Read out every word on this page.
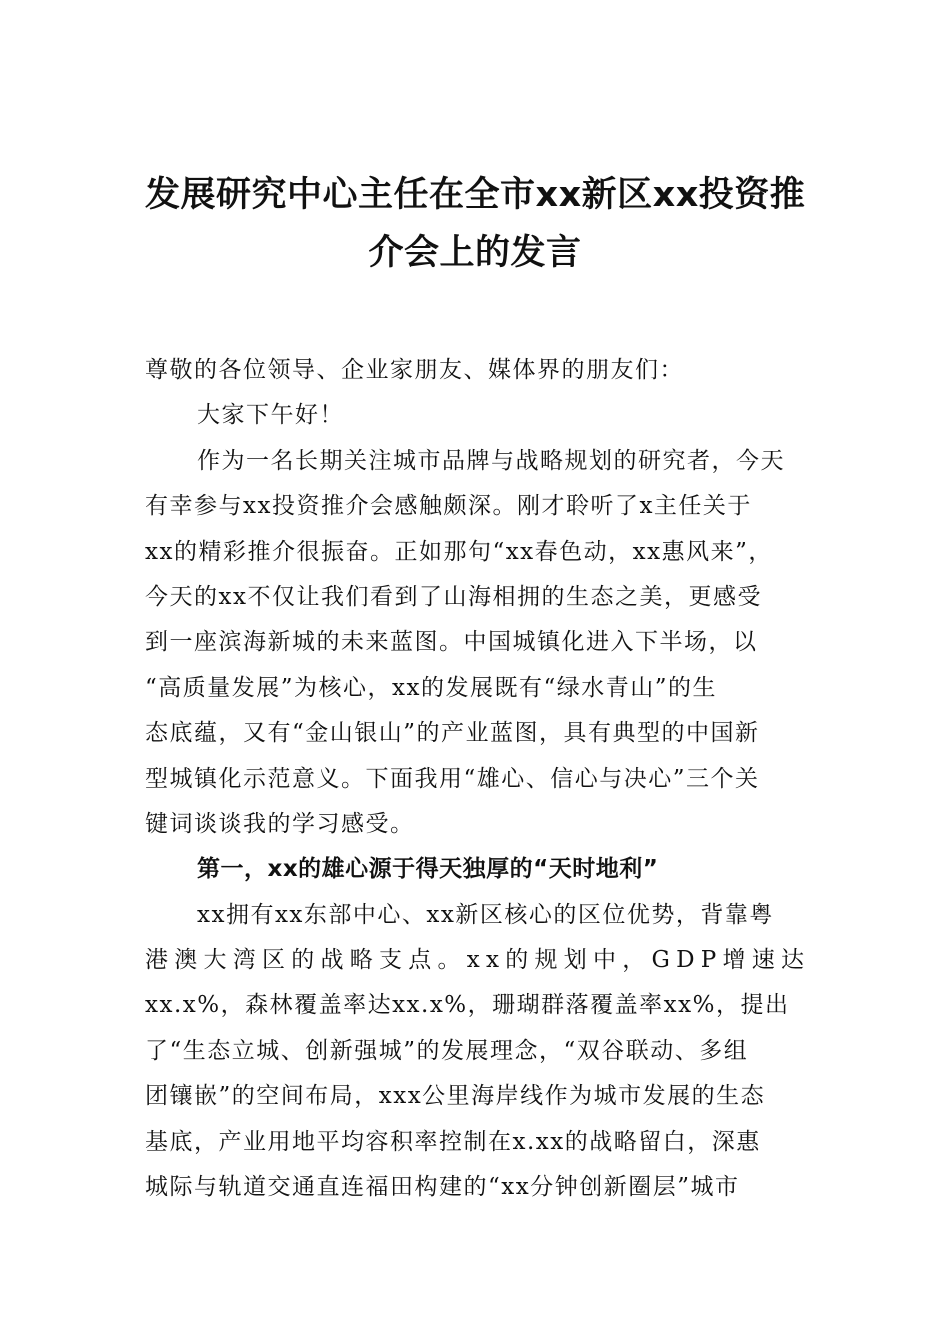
发展研究中心主任在全市xx新区xx投资推
介会上的发言
尊敬的各位领导、企业家朋友、媒体界的朋友们：
大家下午好！
作为一名长期关注城市品牌与战略规划的研究者，今天
有幸参与xx投资推介会感触颇深。刚才聆听了x主任关于
xx的精彩推介很振奋。正如那句“xx春色动，xx惠风来”，
今天的xx不仅让我们看到了山海相拥的生态之美，更感受
到一座滨海新城的未来蓝图。中国城镇化进入下半场，以
“高质量发展”为核心，xx的发展既有“绿水青山”的生
态底蕴，又有“金山银山”的产业蓝图，具有典型的中国新
型城镇化示范意义。下面我用“雄心、信心与决心”三个关
键词谈谈我的学习感受。
第一，xx的雄心源于得天独厚的“天时地利”
xx拥有xx东部中心、xx新区核心的区位优势，背靠粤
港澳大湾区的战略支点。xx的规划中，GDP增速达
xx.x%，森林覆盖率达xx.x%，珊瑚群落覆盖率xx%，提出
了“生态立城、创新强城”的发展理念，“双谷联动、多组
团镶嵌”的空间布局，xxx公里海岸线作为城市发展的生态
基底，产业用地平均容积率控制在x.xx的战略留白，深惠
城际与轨道交通直连福田构建的“xx分钟创新圈层”城市
